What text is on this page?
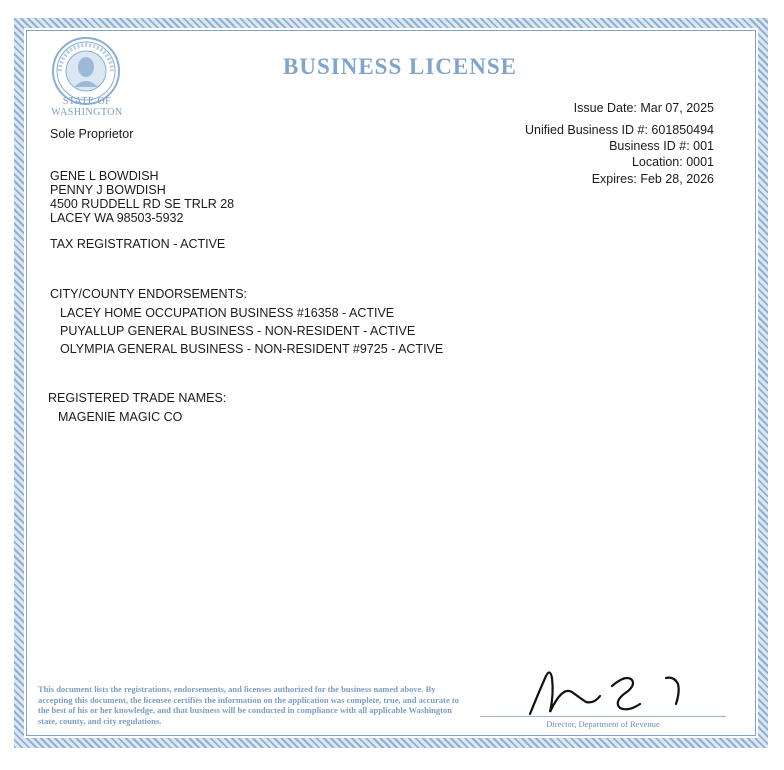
STATE OF
WASHINGTON
BUSINESS LICENSE
Issue Date: Mar 07, 2025
Unified Business ID #: 601850494
Business ID #: 001
Location: 0001
Expires: Feb 28, 2026
Sole Proprietor
GENE L BOWDISH
PENNY J BOWDISH
4500 RUDDELL RD SE TRLR 28
LACEY WA 98503-5932
TAX REGISTRATION - ACTIVE
CITY/COUNTY ENDORSEMENTS:
LACEY HOME OCCUPATION BUSINESS #16358 - ACTIVE
PUYALLUP GENERAL BUSINESS - NON-RESIDENT - ACTIVE
OLYMPIA GENERAL BUSINESS - NON-RESIDENT #9725 - ACTIVE
REGISTERED TRADE NAMES:
MAGENIE MAGIC CO
This document lists the registrations, endorsements, and licenses authorized for the business named above. By accepting this document, the licensee certifies the information on the application was complete, true, and accurate to the best of his or her knowledge, and that business will be conducted in compliance with all applicable Washington state, county, and city regulations.	Director, Department of Revenue
